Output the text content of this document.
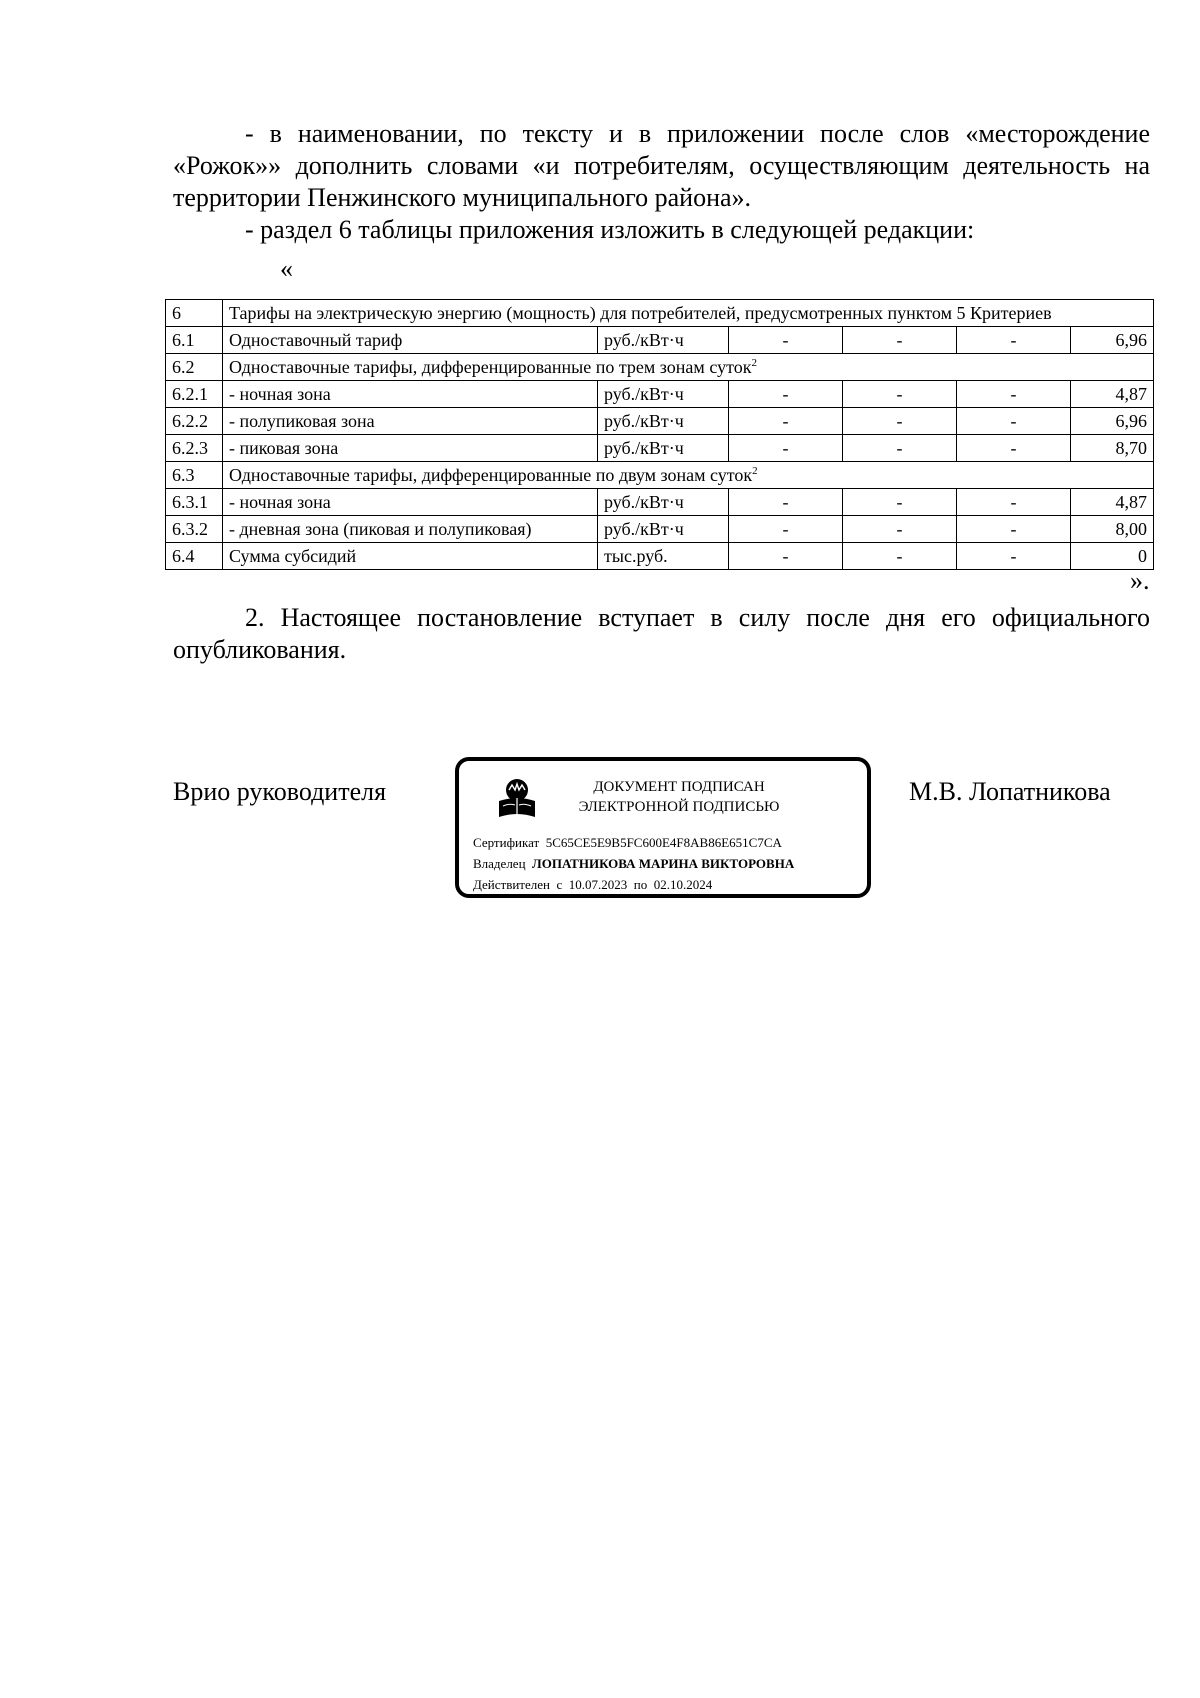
- в наименовании, по тексту и в приложении после слов «месторождение «Рожок»» дополнить словами «и потребителям, осуществляющим деятельность на территории Пенжинского муниципального района».

- раздел 6 таблицы приложения изложить в следующей редакции:

«
6	Тарифы на электрическую энергию (мощность) для потребителей, предусмотренных пунктом 5 Критериев					
6.1	Одноставочный тариф	руб./кВт·ч	-	-	-	6,96
6.2	Одноставочные тарифы, дифференцированные по трем зонам суток$^2$
6.2.1	- ночная зона	руб./кВт·ч	-	-	-	4,87
6.2.2	- полупиковая зона	руб./кВт·ч	-	-	-	6,96
6.2.3	- пиковая зона	руб./кВт·ч	-	-	-	8,70
6.3	Одноставочные тарифы, дифференцированные по двум зонам суток$^2$
6.3.1	- ночная зона	руб./кВт·ч	-	-	-	4,87
6.3.2	- дневная зона (пиковая и полупиковая)	руб./кВт·ч	-	-	-	8,00
6.4	Сумма субсидий	тыс.руб.	-	-	-	0
».

2. Настоящее постановление вступает в силу после дня его официального опубликования.

Врио руководителя	ДОКУМЕНТ ПОДПИСАН
ЭЛЕКТРОННОЙ ПОДПИСЬЮ
Сертификат 5C65CE5E9B5FC600E4F8AB86E651C7CA
Владелец ЛОПАТНИКОВА МАРИНА ВИКТОРОВНА
Действителен с 10.07.2023 по 02.10.2024
М.В. Лопатникова
